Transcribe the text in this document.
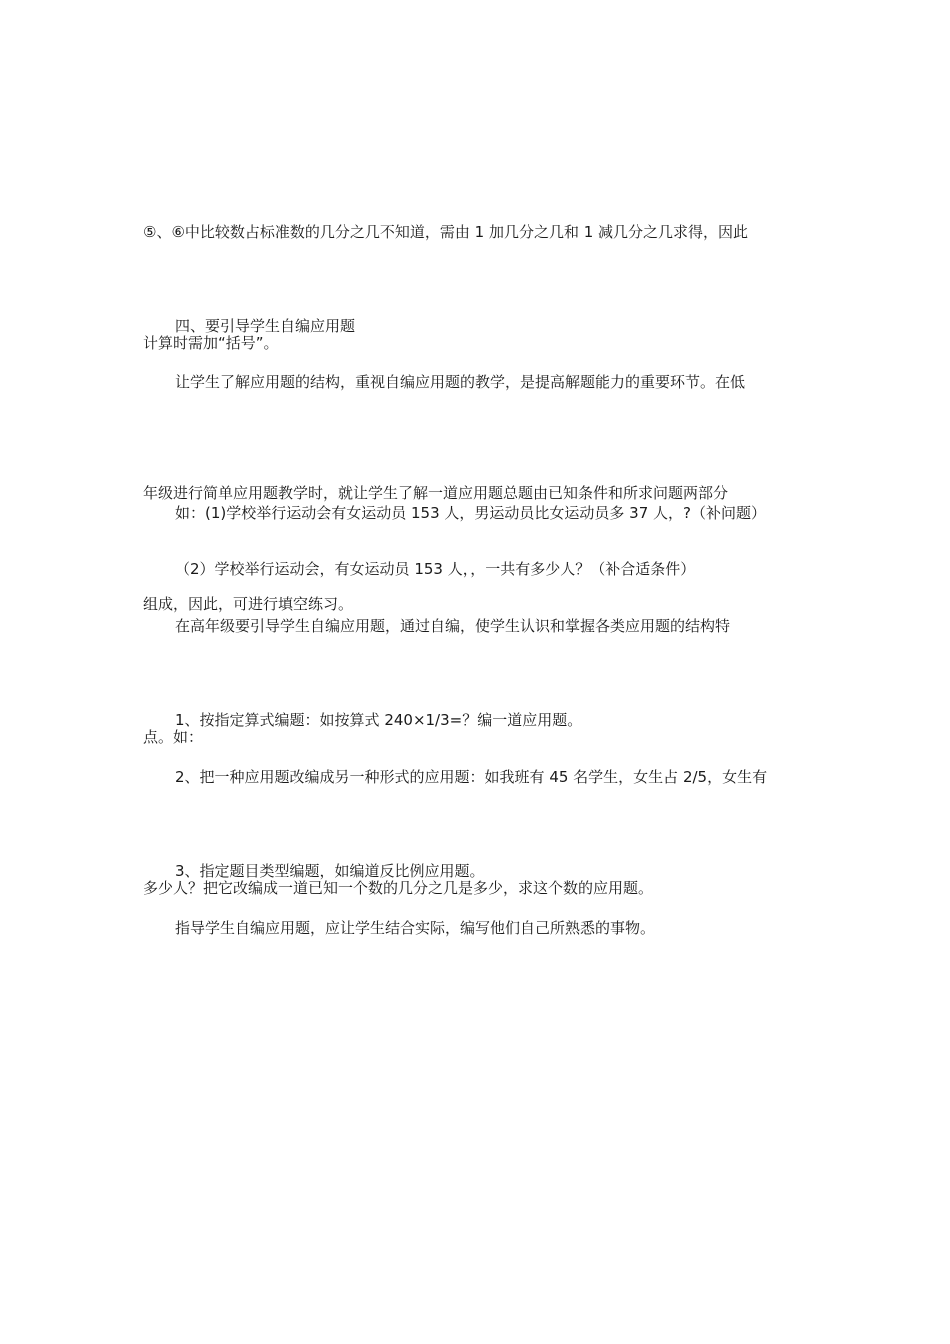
⑤、⑥中比较数占标准数的几分之几不知道，需由 1 加几分之几和 1 减几分之几求得，因此

计算时需加“括号”。

四、要引导学生自编应用题

让学生了解应用题的结构，重视自编应用题的教学，是提高解题能力的重要环节。在低

年级进行简单应用题教学时，就让学生了解一道应用题总题由已知条件和所求问题两部分

组成，因此，可进行填空练习。

如：(1)学校举行运动会有女运动员 153 人，男运动员比女运动员多 37 人，?（补问题）

（2）学校举行运动会，有女运动员 153 人，，一共有多少人？（补合适条件）

在高年级要引导学生自编应用题，通过自编，使学生认识和掌握各类应用题的结构特

点。如：

1、按指定算式编题：如按算式 240×1/3=？编一道应用题。

2、把一种应用题改编成另一种形式的应用题：如我班有 45 名学生，女生占 2/5，女生有

多少人？把它改编成一道已知一个数的几分之几是多少，求这个数的应用题。

3、指定题目类型编题，如编道反比例应用题。

指导学生自编应用题，应让学生结合实际，编写他们自己所熟悉的事物。
